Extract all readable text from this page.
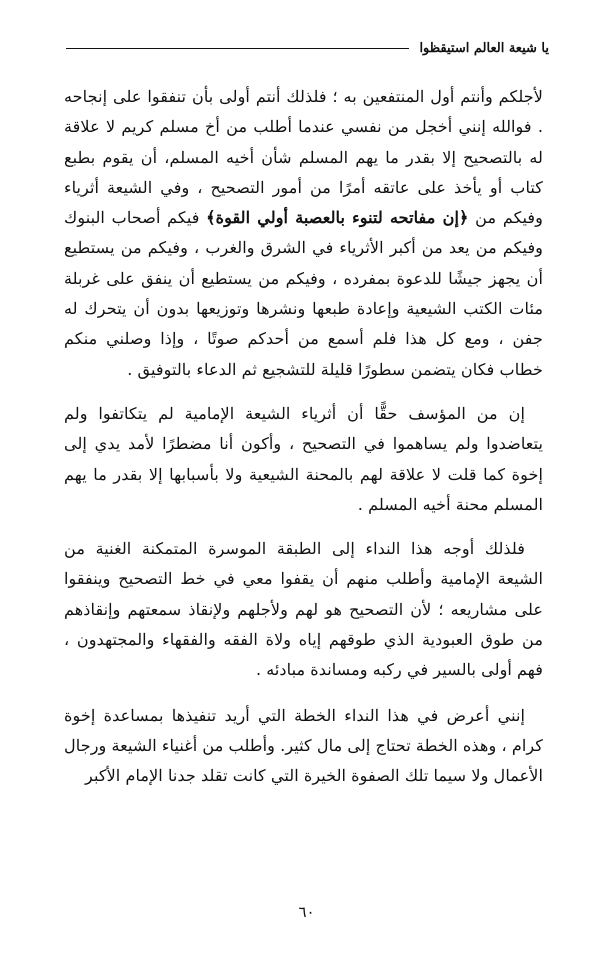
يا شيعة العالم استيقظوا

لأجلكم وأنتم أول المنتفعين به ؛ فلذلك أنتم أولى بأن تنفقوا على إنجاحه . فوالله إنني أخجل من نفسي عندما أطلب من أخ مسلم كريم لا علاقة له بالتصحيح إلا بقدر ما يهم المسلم شأن أخيه المسلم، أن يقوم بطبع كتاب أو يأخذ على عاتقه أمرًا من أمور التصحيح ، وفي الشيعة أثرياء وفيكم من ﴿إن مفاتحه لتنوء بالعصبة أولي القوة﴾ فيكم أصحاب البنوك وفيكم من يعد من أكبر الأثرياء في الشرق والغرب ، وفيكم من يستطيع أن يجهز جيشًا للدعوة بمفرده ، وفيكم من يستطيع أن ينفق على غربلة مئات الكتب الشيعية وإعادة طبعها ونشرها وتوزيعها بدون أن يتحرك له جفن ، ومع كل هذا فلم أسمع من أحدكم صوتًا ، وإذا وصلني منكم خطاب فكان يتضمن سطورًا قليلة للتشجيع ثم الدعاء بالتوفيق .

إن من المؤسف حقًّا أن أثرياء الشيعة الإمامية لم يتكاتفوا ولم يتعاضدوا ولم يساهموا في التصحيح ، وأكون أنا مضطرًا لأمد يدي إلى إخوة كما قلت لا علاقة لهم بالمحنة الشيعية ولا بأسبابها إلا بقدر ما يهم المسلم محنة أخيه المسلم .

فلذلك أوجه هذا النداء إلى الطبقة الموسرة المتمكنة الغنية من الشيعة الإمامية وأطلب منهم أن يقفوا معي في خط التصحيح وينفقوا على مشاريعه ؛ لأن التصحيح هو لهم ولأجلهم ولإنقاذ سمعتهم وإنقاذهم من طوق العبودية الذي طوقهم إياه ولاة الفقه والفقهاء والمجتهدون ، فهم أولى بالسير في ركبه ومساندة مبادئه .

إنني أعرض في هذا النداء الخطة التي أريد تنفيذها بمساعدة إخوة كرام ، وهذه الخطة تحتاج إلى مال كثير. وأطلب من أغنياء الشيعة ورجال الأعمال ولا سيما تلك الصفوة الخيرة التي كانت تقلد جدنا الإمام الأكبر

٦٠
